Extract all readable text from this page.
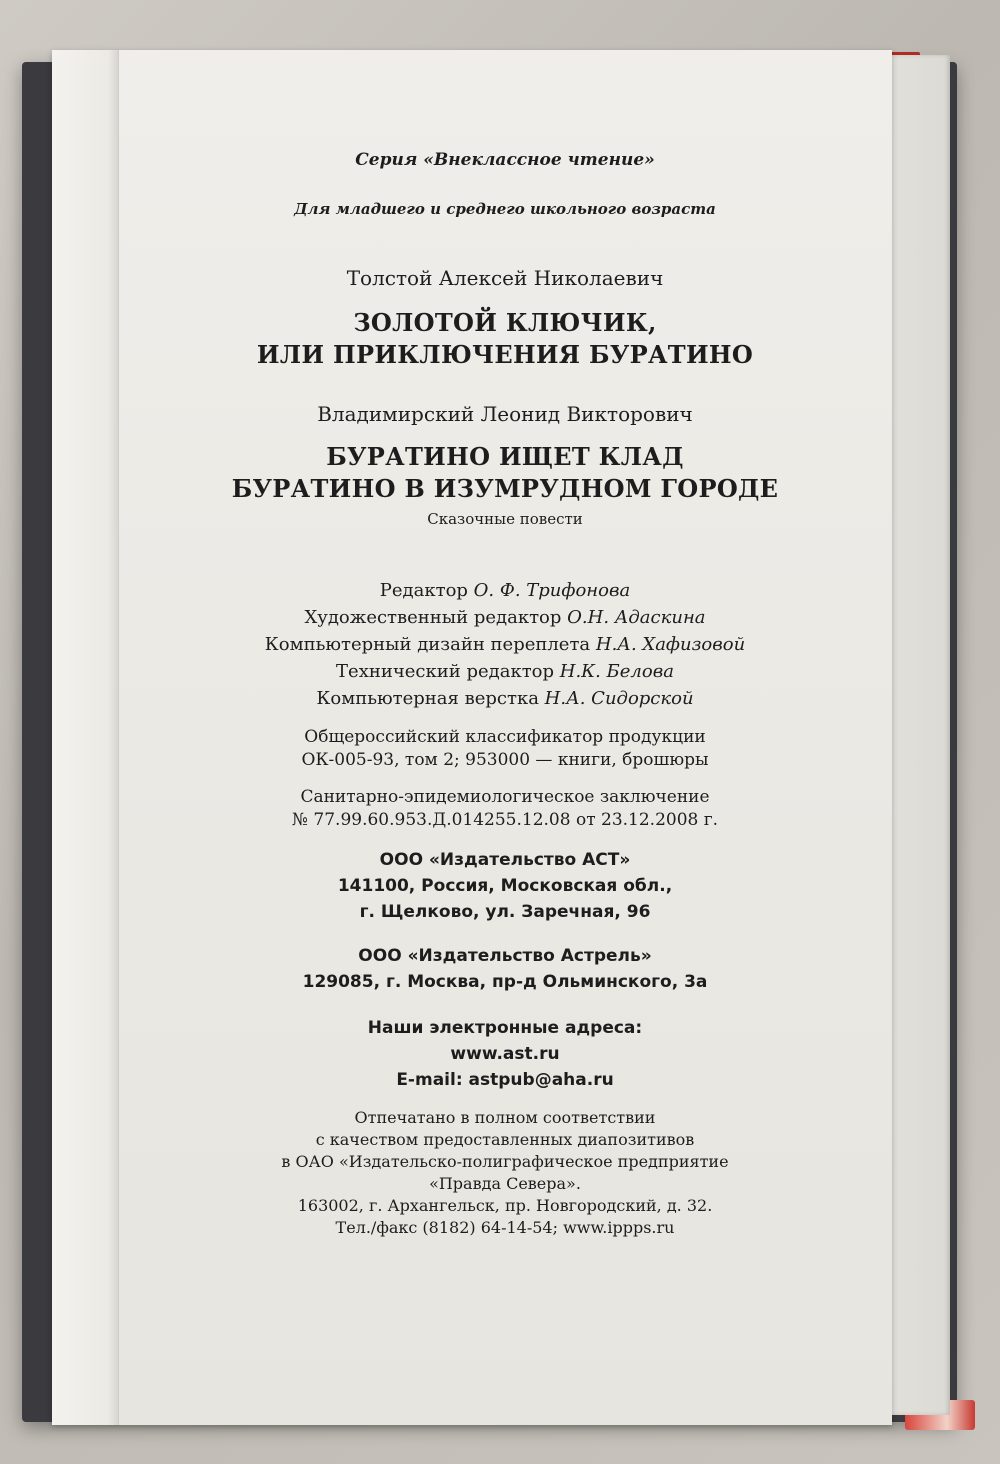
Серия «Внеклассное чтение»
Для младшего и среднего школьного возраста
Толстой Алексей Николаевич
ЗОЛОТОЙ КЛЮЧИК,
ИЛИ ПРИКЛЮЧЕНИЯ БУРАТИНО
Владимирский Леонид Викторович
БУРАТИНО ИЩЕТ КЛАД
БУРАТИНО В ИЗУМРУДНОМ ГОРОДЕ
Сказочные повести
Редактор О. Ф. Трифонова
Художественный редактор О.Н. Адаскина
Компьютерный дизайн переплета Н.А. Хафизовой
Технический редактор Н.К. Белова
Компьютерная верстка Н.А. Сидорской
Общероссийский классификатор продукции
ОК-005-93, том 2; 953000 — книги, брошюры
Санитарно-эпидемиологическое заключение
№ 77.99.60.953.Д.014255.12.08 от 23.12.2008 г.
ООО «Издательство АСТ»
141100, Россия, Московская обл.,
г. Щелково, ул. Заречная, 96
ООО «Издательство Астрель»
129085, г. Москва, пр-д Ольминского, 3а
Наши электронные адреса:
www.ast.ru
E-mail: astpub@aha.ru
Отпечатано в полном соответствии
с качеством предоставленных диапозитивов
в ОАО «Издательско-полиграфическое предприятие
«Правда Севера».
163002, г. Архангельск, пр. Новгородский, д. 32.
Тел./факс (8182) 64-14-54; www.ippps.ru
